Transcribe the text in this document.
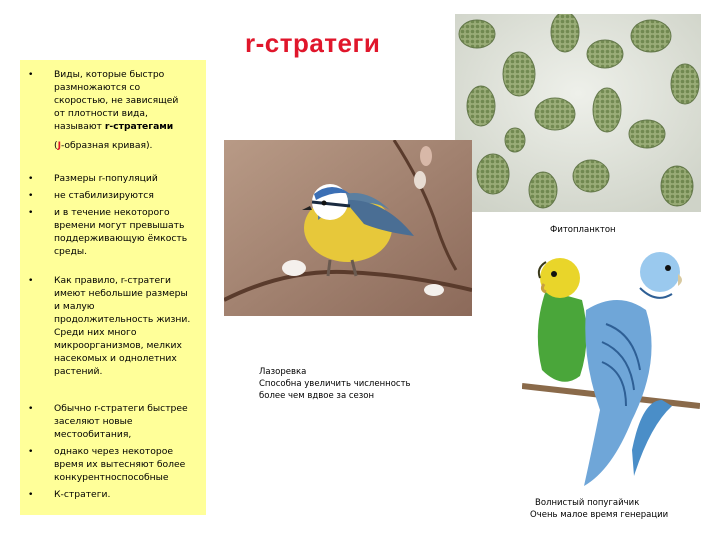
r-стратеги
•	Виды, которые быстро
размножаются со
скоростью, не зависящей
от плотности вида,
называют r-стратегами
(J-образная кривая).
•	Размеры r-популяций
•	не стабилизируются
•	и в течение некоторого
времени могут превышать
поддерживающую ёмкость
среды.
•	Как правило, r-стратеги
имеют небольшие размеры
и малую
продолжительность жизни.
Среди них много
микроорганизмов, мелких
насекомых и однолетних
растений.
•	Обычно r-стратеги быстрее
заселяют новые
местообитания,
•	однако через некоторое
время их вытесняют более
конкурентноспособные
•	К-стратеги.
Фитопланктон
Лазоревка
Способна увеличить численность
более чем вдвое за сезон
Волнистый попугайчик
Очень малое время генерации
